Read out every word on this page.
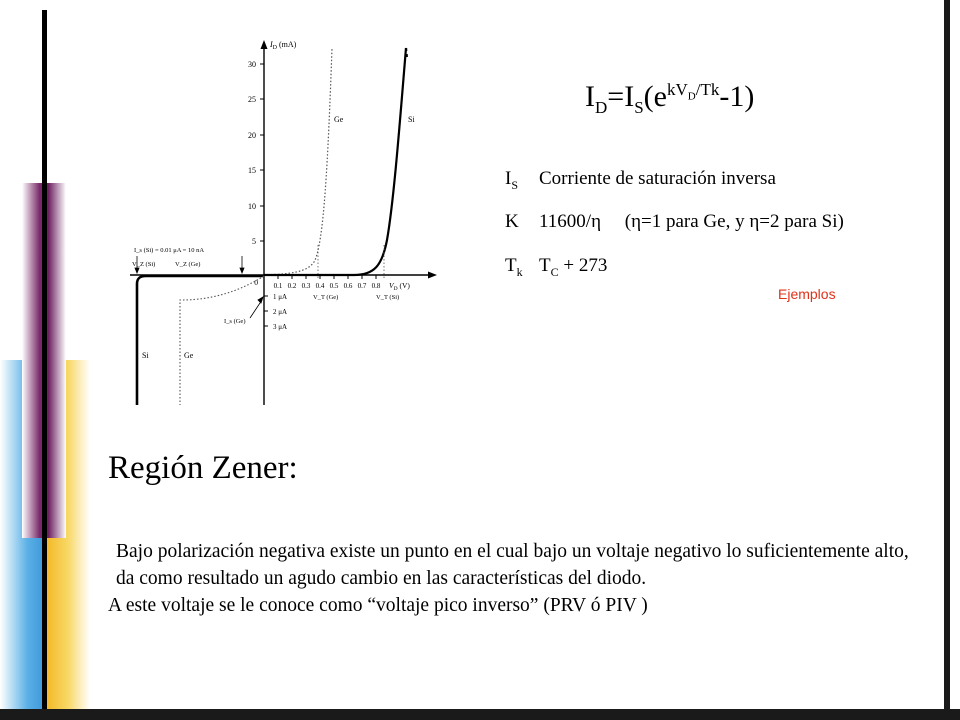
$I_D$ (mA)
30
25
20
15
10
5
0.1 0.2 0.3 0.4 0.5 0.6 0.7 0.8 $V_D$ (V)
0
1 μA
2 μA
3 μA
Ge	Si
Si	Ge
I_s (Si) = 0.01 μA = 10 nA
V_Z (Si)	V_Z (Ge)
I_s (Ge)
V_T (Ge)	V_T (Si)
$I_D=I_S(e^{kV_D/Tk}-1)$
$I_S$ Corriente de saturación inversa
K 11600/η     (η=1 para Ge, y η=2 para Si)
$T_k$ $T_C + 273$
Ejemplos
Región Zener:

Bajo polarización negativa existe un punto en el cual bajo un voltaje negativo lo suficientemente alto, da como resultado un agudo cambio en las características del diodo.

A este voltaje se le conoce como “voltaje pico inverso” (PRV ó PIV )
